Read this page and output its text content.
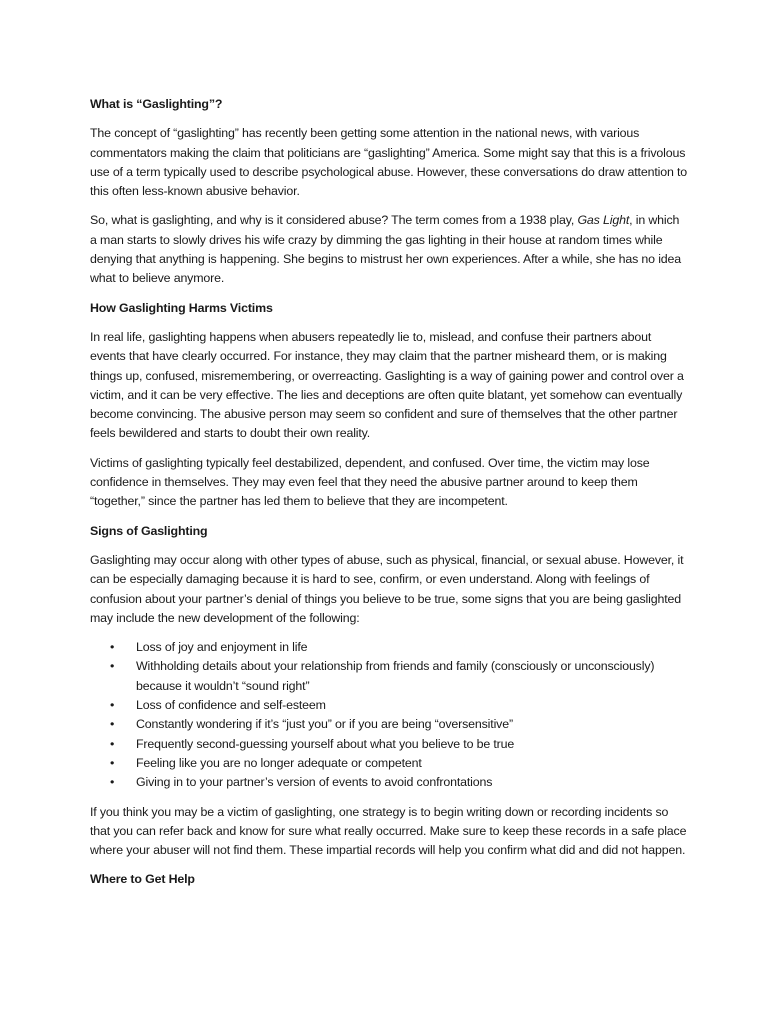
What is “Gaslighting”?

The concept of “gaslighting” has recently been getting some attention in the national news, with various commentators making the claim that politicians are “gaslighting” America. Some might say that this is a frivolous use of a term typically used to describe psychological abuse. However, these conversations do draw attention to this often less-known abusive behavior.

So, what is gaslighting, and why is it considered abuse? The term comes from a 1938 play, Gas Light, in which a man starts to slowly drives his wife crazy by dimming the gas lighting in their house at random times while denying that anything is happening. She begins to mistrust her own experiences. After a while, she has no idea what to believe anymore.

How Gaslighting Harms Victims

In real life, gaslighting happens when abusers repeatedly lie to, mislead, and confuse their partners about events that have clearly occurred. For instance, they may claim that the partner misheard them, or is making things up, confused, misremembering, or overreacting. Gaslighting is a way of gaining power and control over a victim, and it can be very effective. The lies and deceptions are often quite blatant, yet somehow can eventually become convincing. The abusive person may seem so confident and sure of themselves that the other partner feels bewildered and starts to doubt their own reality.

Victims of gaslighting typically feel destabilized, dependent, and confused. Over time, the victim may lose confidence in themselves. They may even feel that they need the abusive partner around to keep them “together,” since the partner has led them to believe that they are incompetent.

Signs of Gaslighting

Gaslighting may occur along with other types of abuse, such as physical, financial, or sexual abuse. However, it can be especially damaging because it is hard to see, confirm, or even understand. Along with feelings of confusion about your partner’s denial of things you believe to be true, some signs that you are being gaslighted may include the new development of the following:

• Loss of joy and enjoyment in life
• Withholding details about your relationship from friends and family (consciously or unconsciously) because it wouldn’t “sound right”
• Loss of confidence and self-esteem
• Constantly wondering if it’s “just you” or if you are being “oversensitive”
• Frequently second-guessing yourself about what you believe to be true
• Feeling like you are no longer adequate or competent
• Giving in to your partner’s version of events to avoid confrontations

If you think you may be a victim of gaslighting, one strategy is to begin writing down or recording incidents so that you can refer back and know for sure what really occurred. Make sure to keep these records in a safe place where your abuser will not find them. These impartial records will help you confirm what did and did not happen.

Where to Get Help
